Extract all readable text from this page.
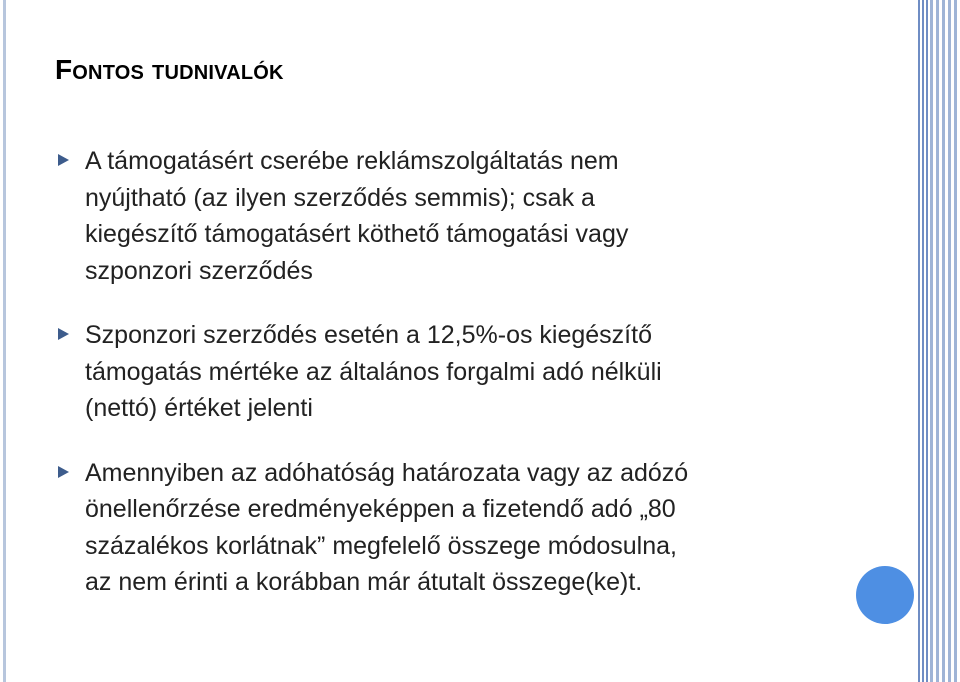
Fontos tudnivalók
A támogatásért cserébe reklámszolgáltatás nem
nyújtható (az ilyen szerződés semmis); csak a
kiegészítő támogatásért köthető támogatási vagy
szponzori szerződés
Szponzori szerződés esetén a 12,5%-os kiegészítő
támogatás mértéke az általános forgalmi adó nélküli
(nettó) értéket jelenti
Amennyiben az adóhatóság határozata vagy az adózó
önellenőrzése eredményeképpen a fizetendő adó „80
százalékos korlátnak” megfelelő összege módosulna,
az nem érinti a korábban már átutalt összege(ke)t.
